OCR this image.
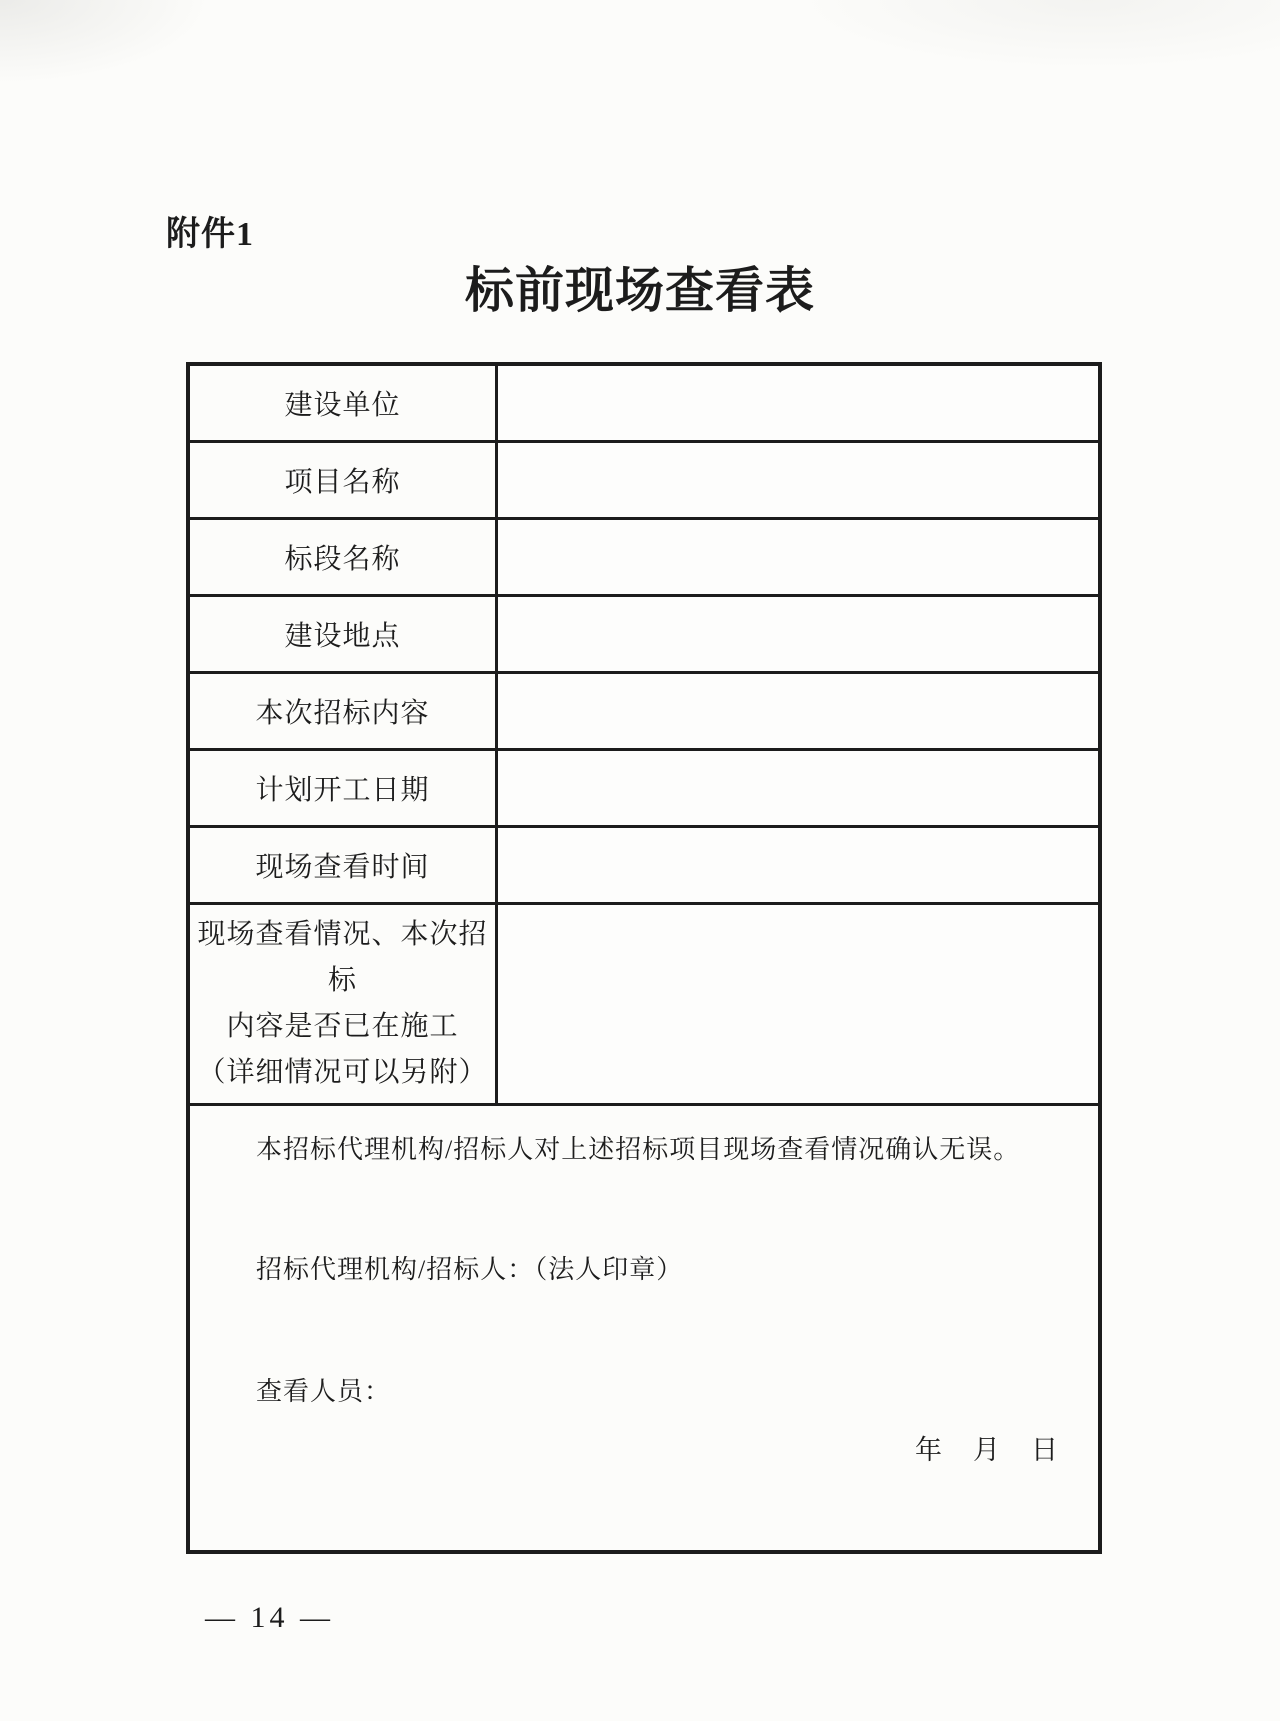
附件1
标前现场查看表
建设单位
项目名称
标段名称
建设地点
本次招标内容
计划开工日期
现场查看时间
现场查看情况、本次招标
内容是否已在施工
（详细情况可以另附）
本招标代理机构/招标人对上述招标项目现场查看情况确认无误。
招标代理机构/招标人：（法人印章）
查看人员：
年　月　日
— 14 —
